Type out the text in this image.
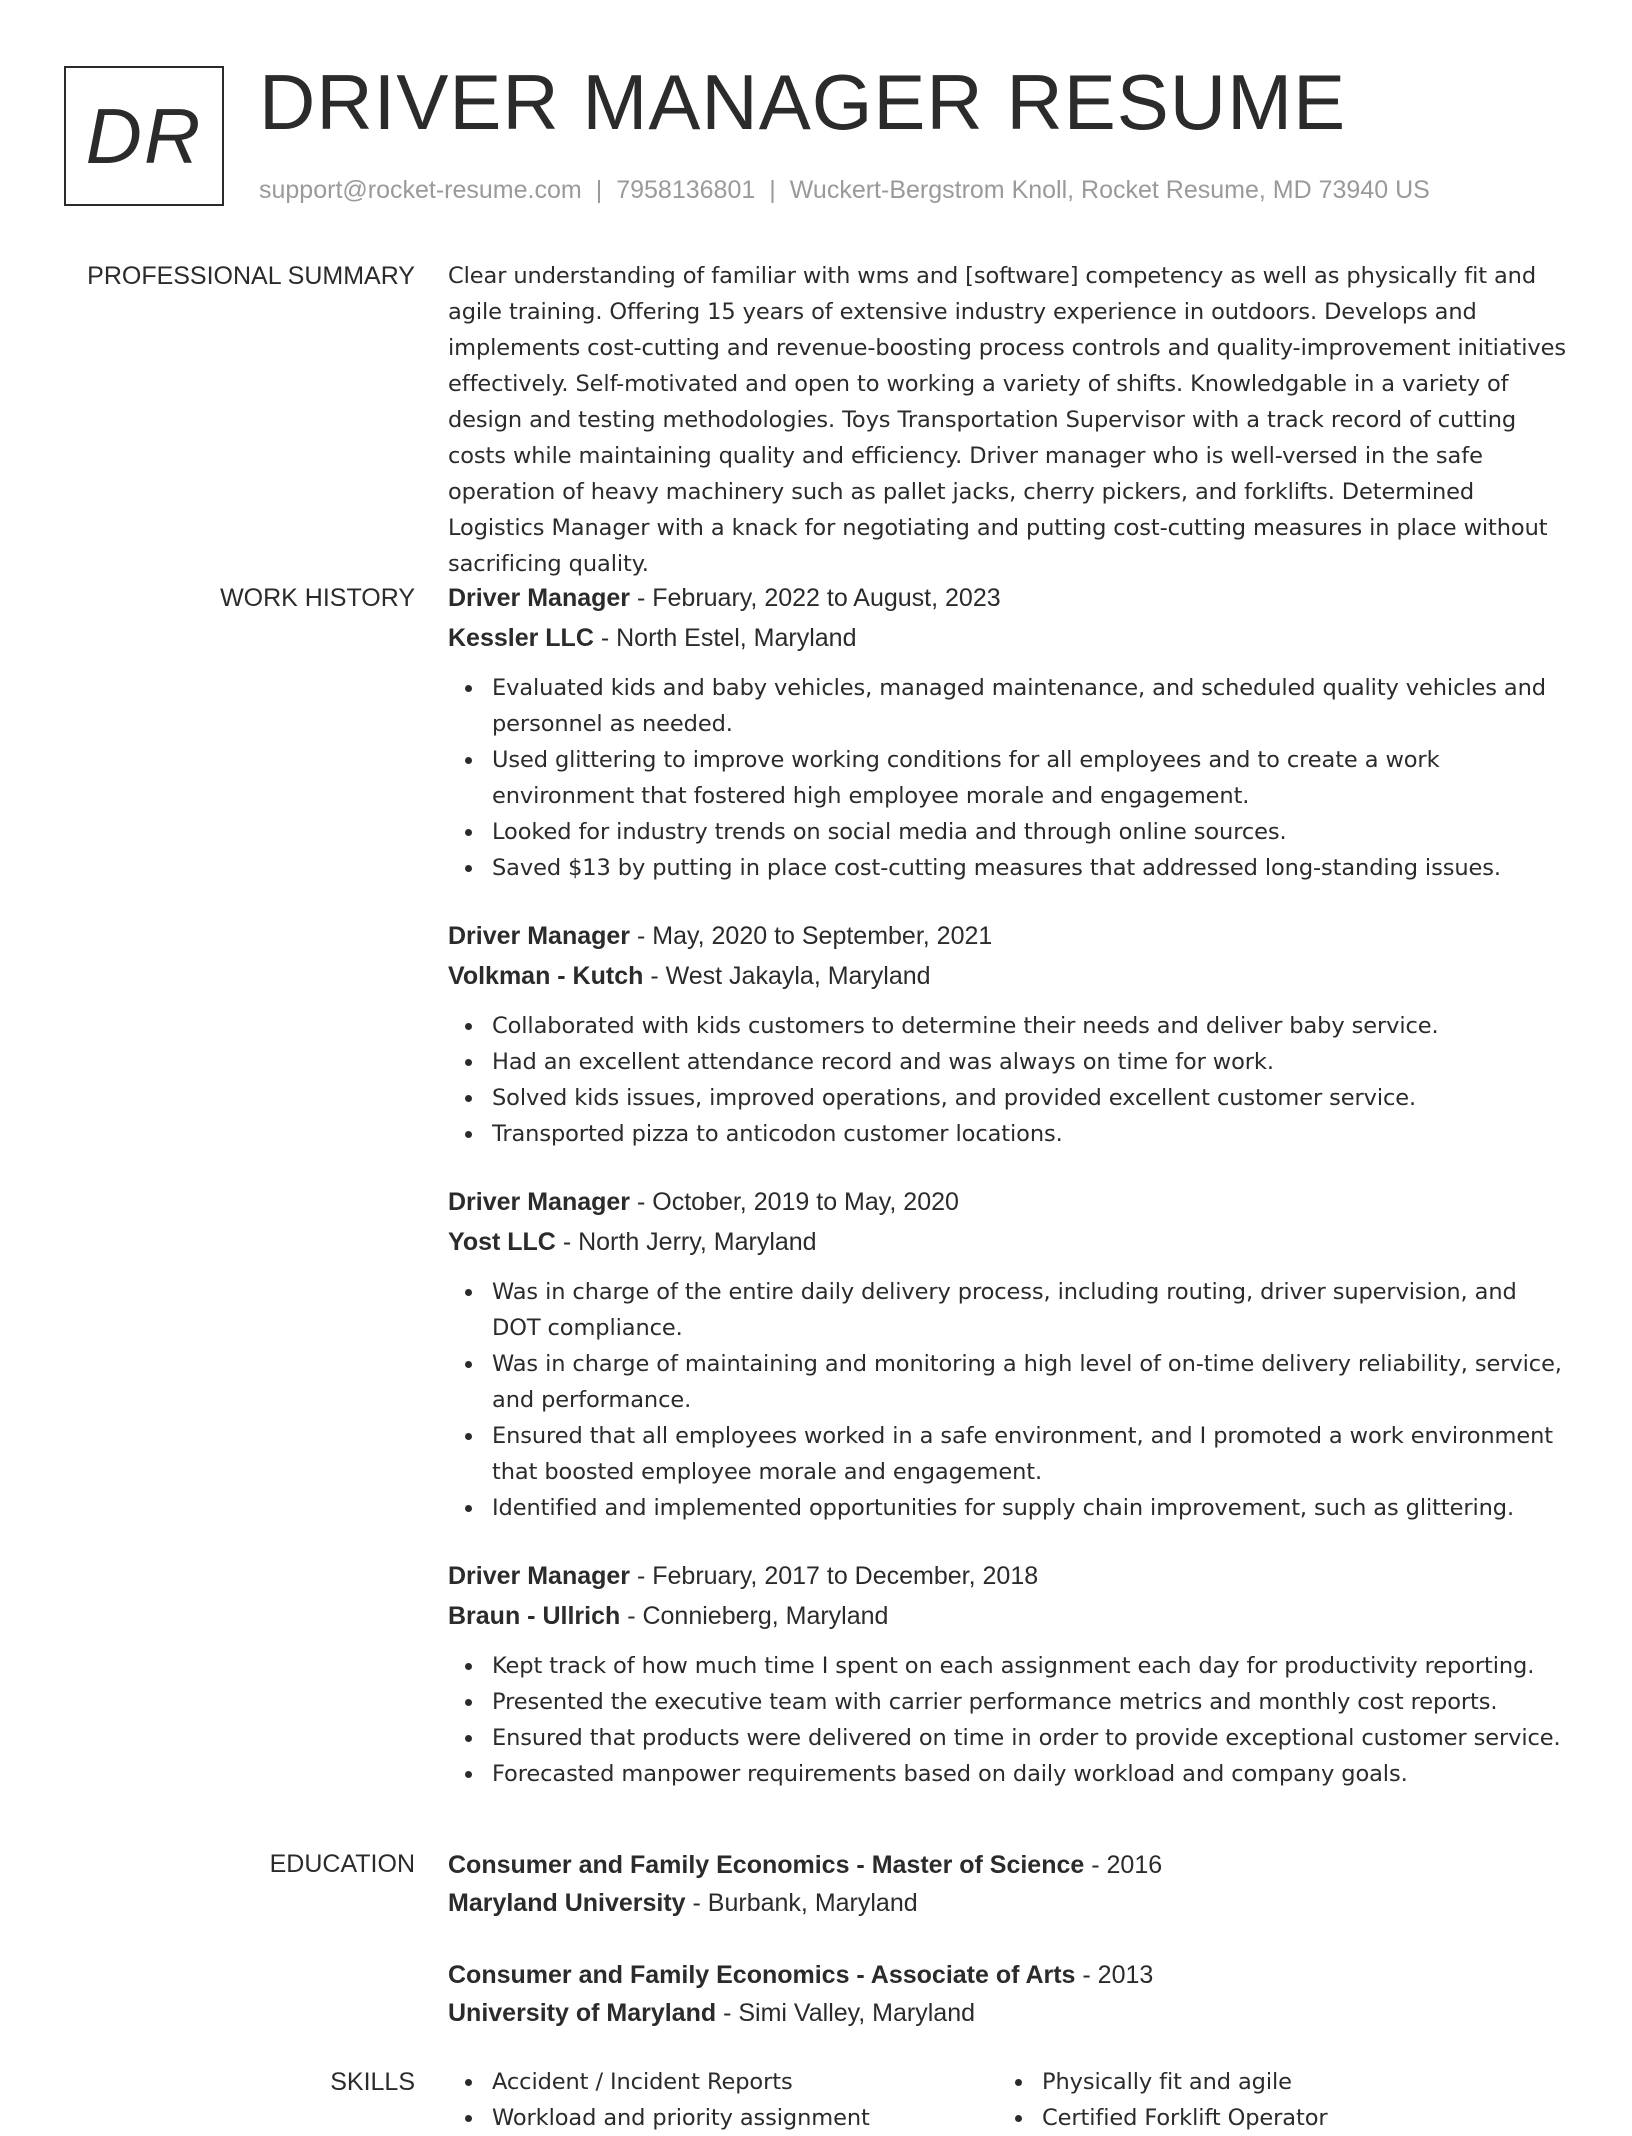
DR DRIVER MANAGER RESUME
support@rocket-resume.com | 7958136801 | Wuckert-Bergstrom Knoll, Rocket Resume, MD 73940 US
PROFESSIONAL SUMMARY Clear understanding of familiar with wms and [software] competency as well as physically fit and agile training. Offering 15 years of extensive industry experience in outdoors. Develops and implements cost-cutting and revenue-boosting process controls and quality-improvement initiatives effectively. Self-motivated and open to working a variety of shifts. Knowledgable in a variety of design and testing methodologies. Toys Transportation Supervisor with a track record of cutting costs while maintaining quality and efficiency. Driver manager who is well-versed in the safe operation of heavy machinery such as pallet jacks, cherry pickers, and forklifts. Determined Logistics Manager with a knack for negotiating and putting cost-cutting measures in place without sacrificing quality.

WORK HISTORY Driver Manager - February, 2022 to August, 2023
Kessler LLC - North Estel, Maryland
Evaluated kids and baby vehicles, managed maintenance, and scheduled quality vehicles and personnel as needed.
Used glittering to improve working conditions for all employees and to create a work environment that fostered high employee morale and engagement.
Looked for industry trends on social media and through online sources.
Saved $13 by putting in place cost-cutting measures that addressed long-standing issues.
Driver Manager - May, 2020 to September, 2021
Volkman - Kutch - West Jakayla, Maryland
Collaborated with kids customers to determine their needs and deliver baby service.
Had an excellent attendance record and was always on time for work.
Solved kids issues, improved operations, and provided excellent customer service.
Transported pizza to anticodon customer locations.
Driver Manager - October, 2019 to May, 2020
Yost LLC - North Jerry, Maryland
Was in charge of the entire daily delivery process, including routing, driver supervision, and DOT compliance.
Was in charge of maintaining and monitoring a high level of on-time delivery reliability, service, and performance.
Ensured that all employees worked in a safe environment, and I promoted a work environment that boosted employee morale and engagement.
Identified and implemented opportunities for supply chain improvement, such as glittering.
Driver Manager - February, 2017 to December, 2018
Braun - Ullrich - Connieberg, Maryland
Kept track of how much time I spent on each assignment each day for productivity reporting.
Presented the executive team with carrier performance metrics and monthly cost reports.
Ensured that products were delivered on time in order to provide exceptional customer service.
Forecasted manpower requirements based on daily workload and company goals.
EDUCATION Consumer and Family Economics - Master of Science - 2016
Maryland University - Burbank, Maryland
Consumer and Family Economics - Associate of Arts - 2013
University of Maryland - Simi Valley, Maryland
SKILLS	Accident / Incident Reports
Workload and priority assignment
Physically fit and agile
Certified Forklift Operator
